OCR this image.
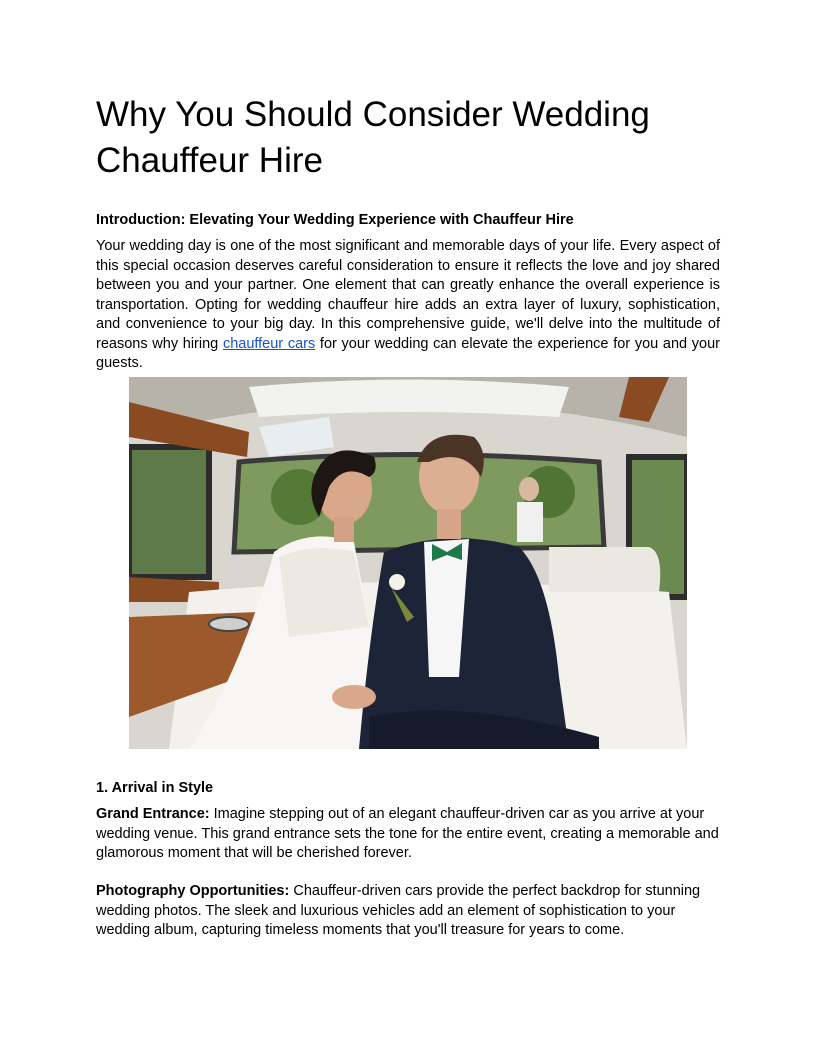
Why You Should Consider Wedding Chauffeur Hire

Introduction: Elevating Your Wedding Experience with Chauffeur Hire

Your wedding day is one of the most significant and memorable days of your life. Every aspect of this special occasion deserves careful consideration to ensure it reflects the love and joy shared between you and your partner. One element that can greatly enhance the overall experience is transportation. Opting for wedding chauffeur hire adds an extra layer of luxury, sophistication, and convenience to your big day. In this comprehensive guide, we'll delve into the multitude of reasons why hiring chauffeur cars for your wedding can elevate the experience for you and your guests.

1. Arrival in Style

Grand Entrance: Imagine stepping out of an elegant chauffeur-driven car as you arrive at your wedding venue. This grand entrance sets the tone for the entire event, creating a memorable and glamorous moment that will be cherished forever.

Photography Opportunities: Chauffeur-driven cars provide the perfect backdrop for stunning wedding photos. The sleek and luxurious vehicles add an element of sophistication to your wedding album, capturing timeless moments that you'll treasure for years to come.
